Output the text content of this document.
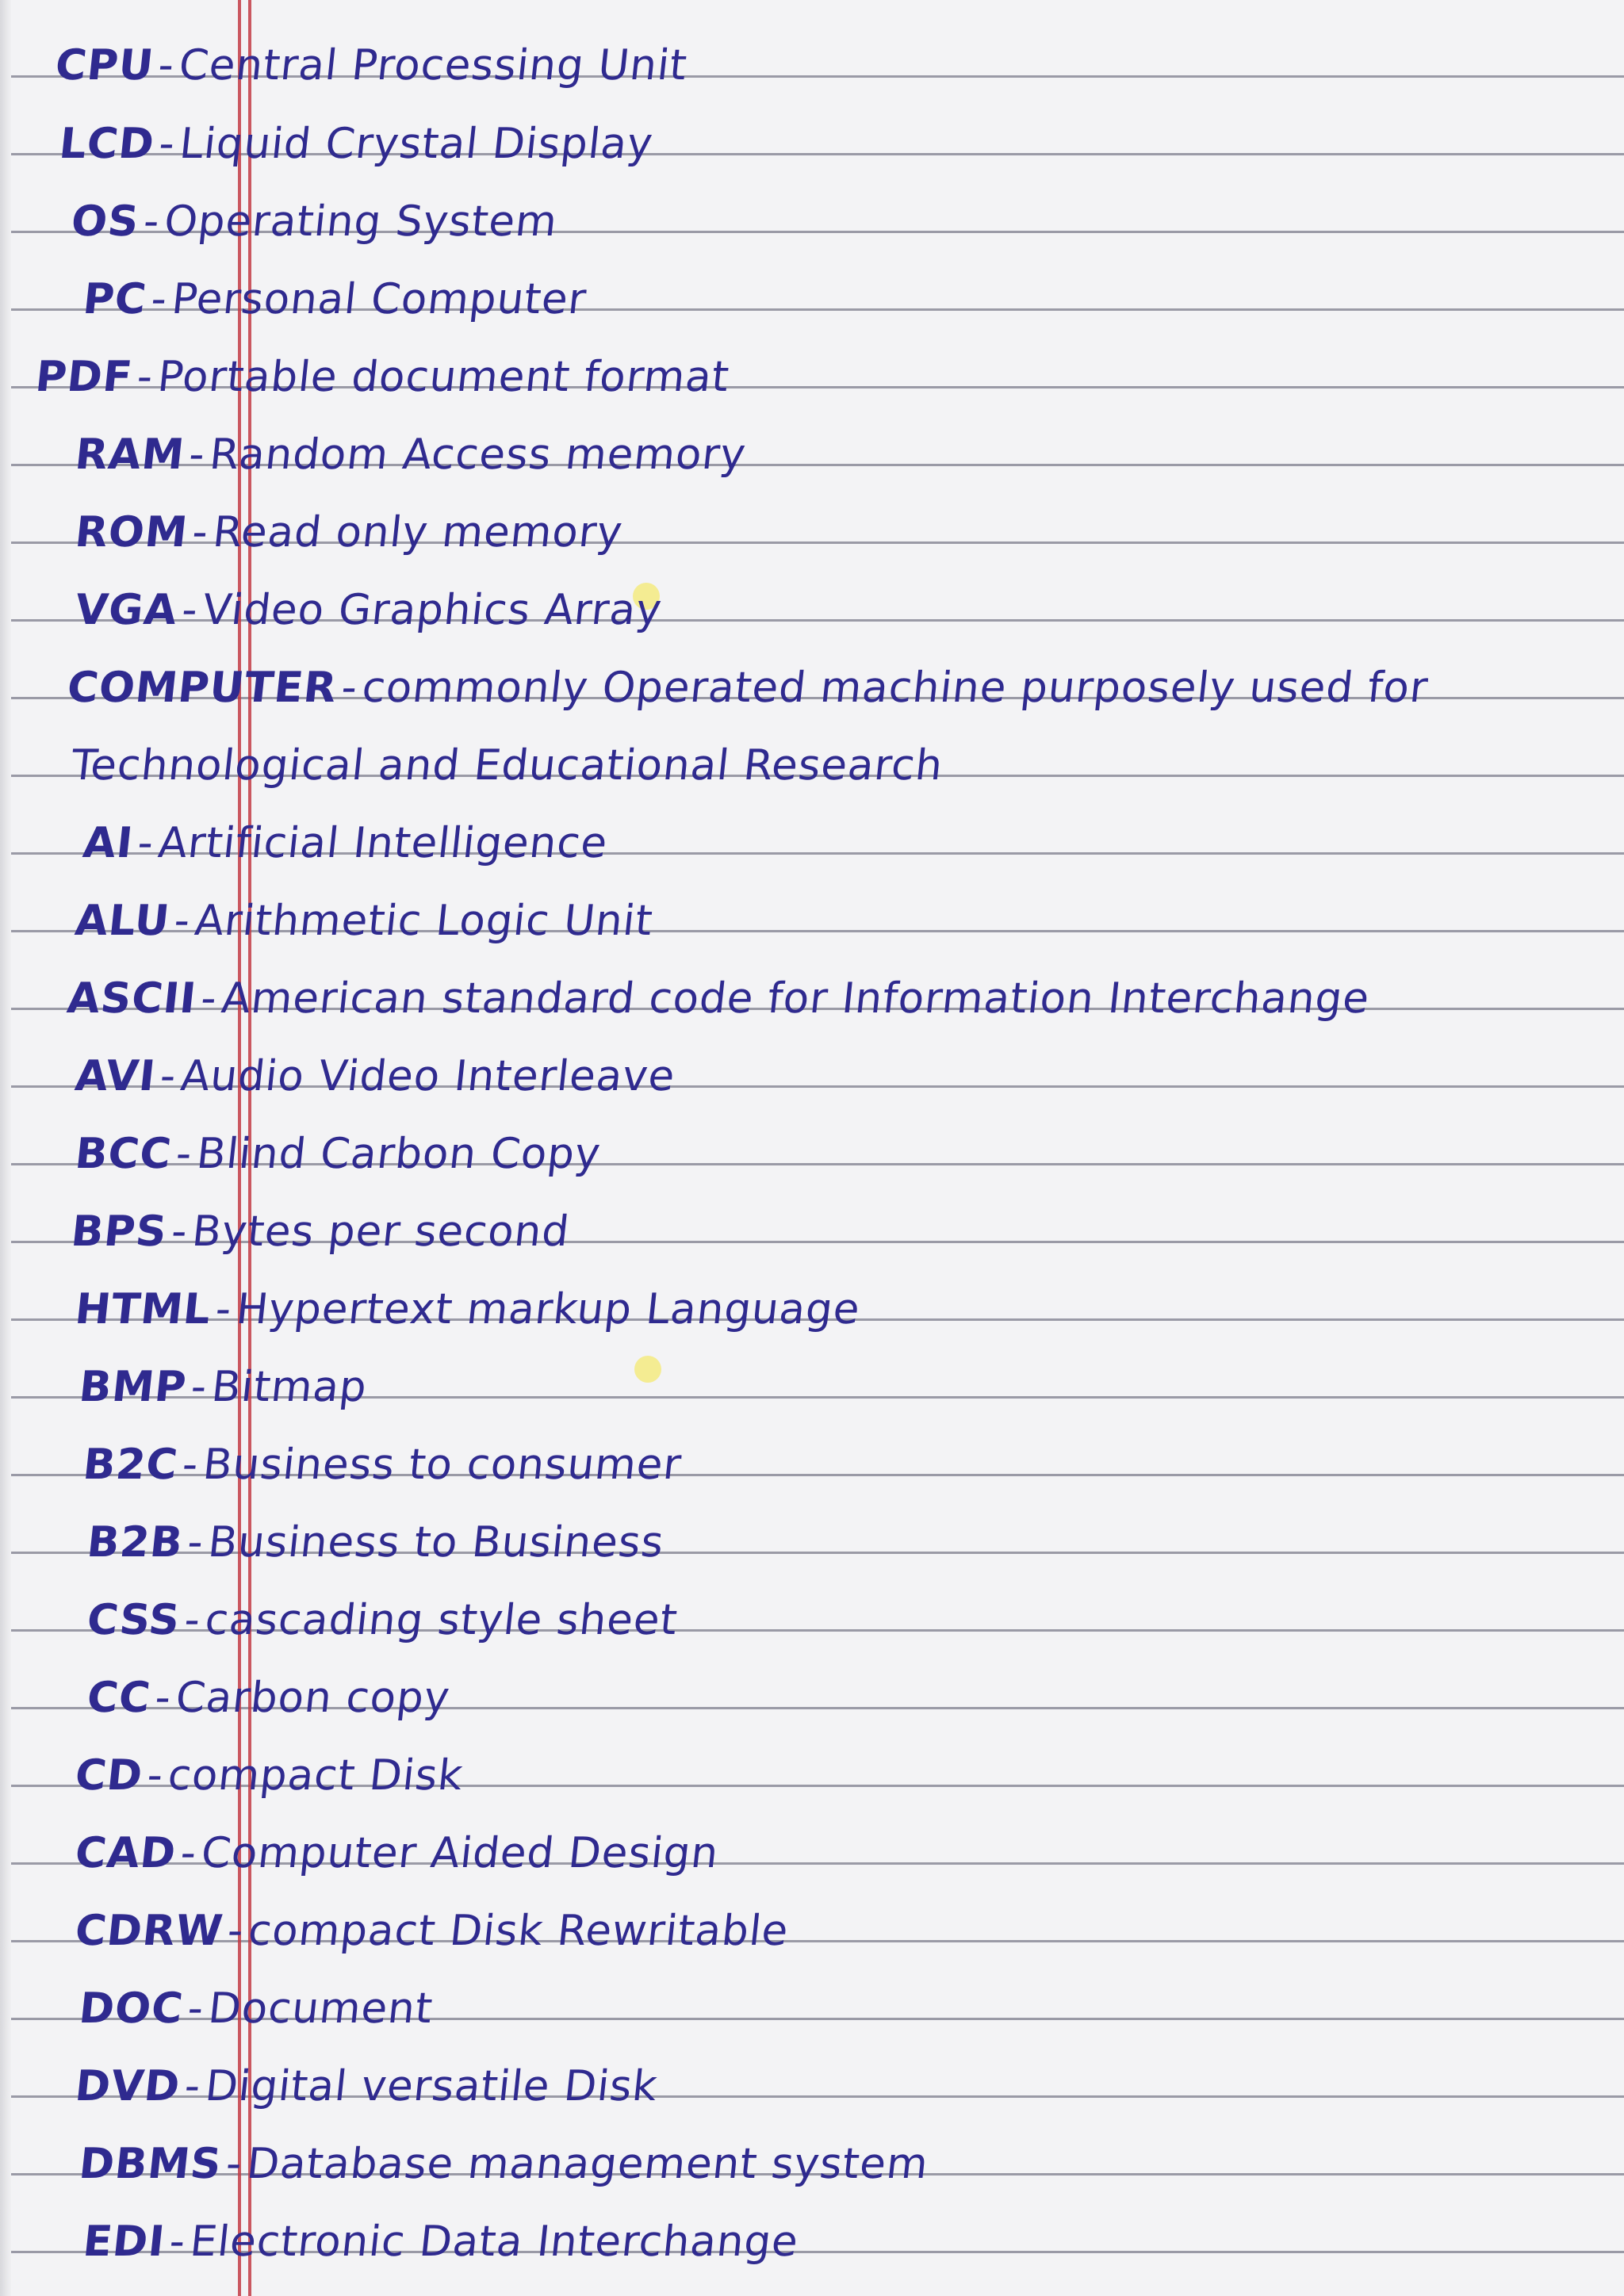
CPU-Central Processing Unit
LCD-Liquid Crystal Display
OS-Operating System
PC-Personal Computer
PDF-Portable document format
RAM-Random Access memory
ROM-Read only memory
VGA-Video Graphics Array
COMPUTER-commonly Operated machine purposely used for
Technological and Educational Research
AI-Artificial Intelligence
ALU-Arithmetic Logic Unit
ASCII-American standard code for Information Interchange
AVI-Audio Video Interleave
BCC-Blind Carbon Copy
BPS-Bytes per second
HTML-Hypertext markup Language
BMP-Bitmap
B2C-Business to consumer
B2B-Business to Business
CSS-cascading style sheet
CC-Carbon copy
CD-compact Disk
CAD-Computer Aided Design
CDRW-compact Disk Rewritable
DOC-Document
DVD-Digital versatile Disk
DBMS-Database management system
EDI-Electronic Data Interchange
